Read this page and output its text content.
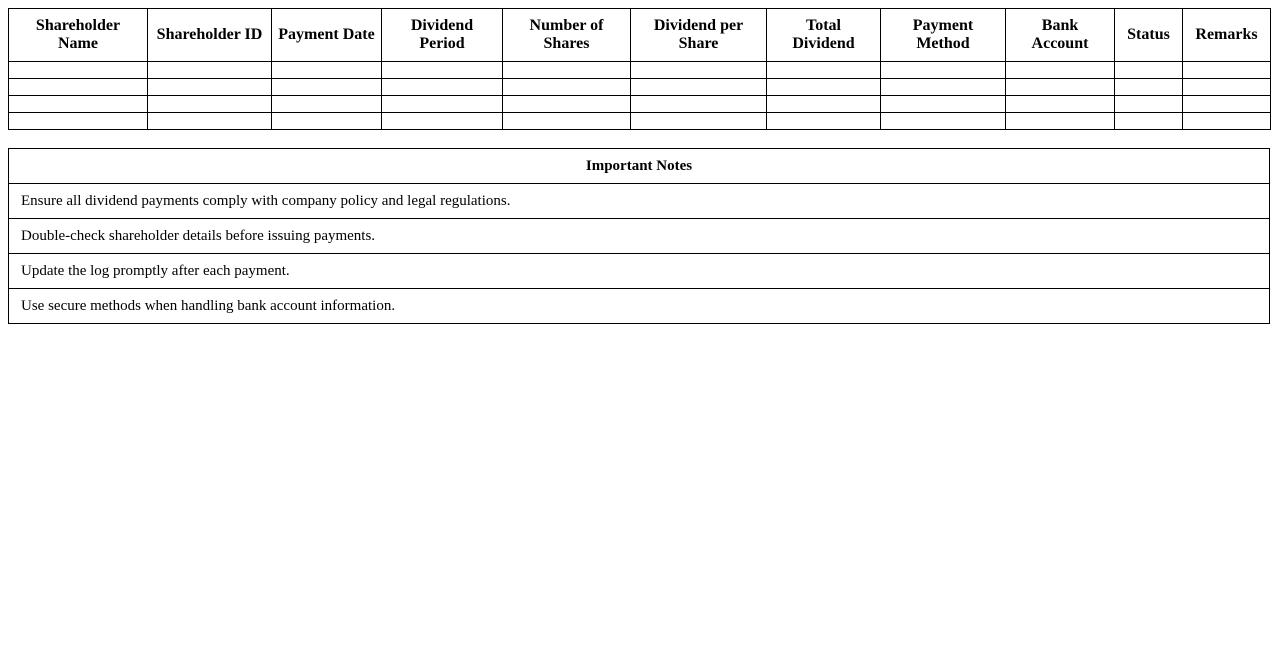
Shareholder Name	Shareholder ID	Payment Date	Dividend Period	Number of Shares	Dividend per Share	Total Dividend	Payment Method	Bank Account	Status	Remarks

Important Notes
Ensure all dividend payments comply with company policy and legal regulations.
Double-check shareholder details before issuing payments.
Update the log promptly after each payment.
Use secure methods when handling bank account information.
